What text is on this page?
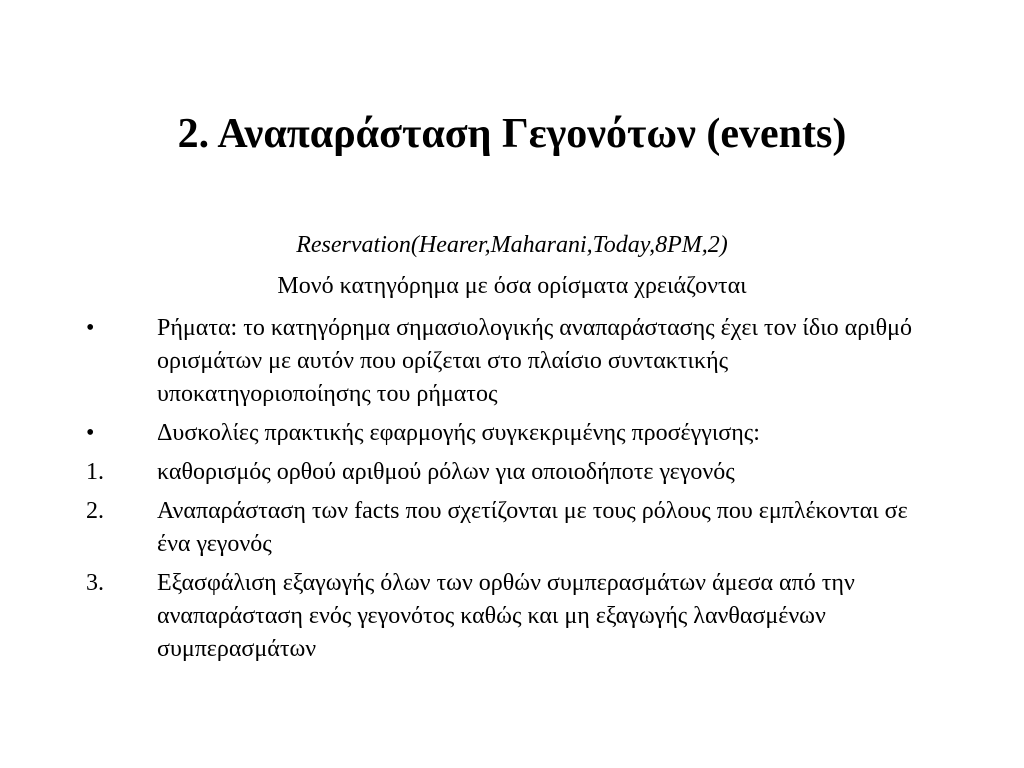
2. Αναπαράσταση Γεγονότων (events)
Reservation(Hearer,Maharani,Today,8PM,2)
Μονό κατηγόρημα με όσα ορίσματα χρειάζονται
•	Ρήματα: το κατηγόρημα σημασιολογικής αναπαράστασης έχει τον ίδιο αριθμό ορισμάτων με αυτόν που ορίζεται στο πλαίσιο συντακτικής υποκατηγοριοποίησης του ρήματος
•	Δυσκολίες πρακτικής εφαρμογής συγκεκριμένης προσέγγισης:
1.	καθορισμός ορθού αριθμού ρόλων για οποιοδήποτε γεγονός
2.	Αναπαράσταση των facts που σχετίζονται με τους ρόλους που εμπλέκονται σε ένα γεγονός
3.	Εξασφάλιση εξαγωγής όλων των ορθών συμπερασμάτων άμεσα από την αναπαράσταση ενός γεγονότος καθώς και μη εξαγωγής λανθασμένων συμπερασμάτων
